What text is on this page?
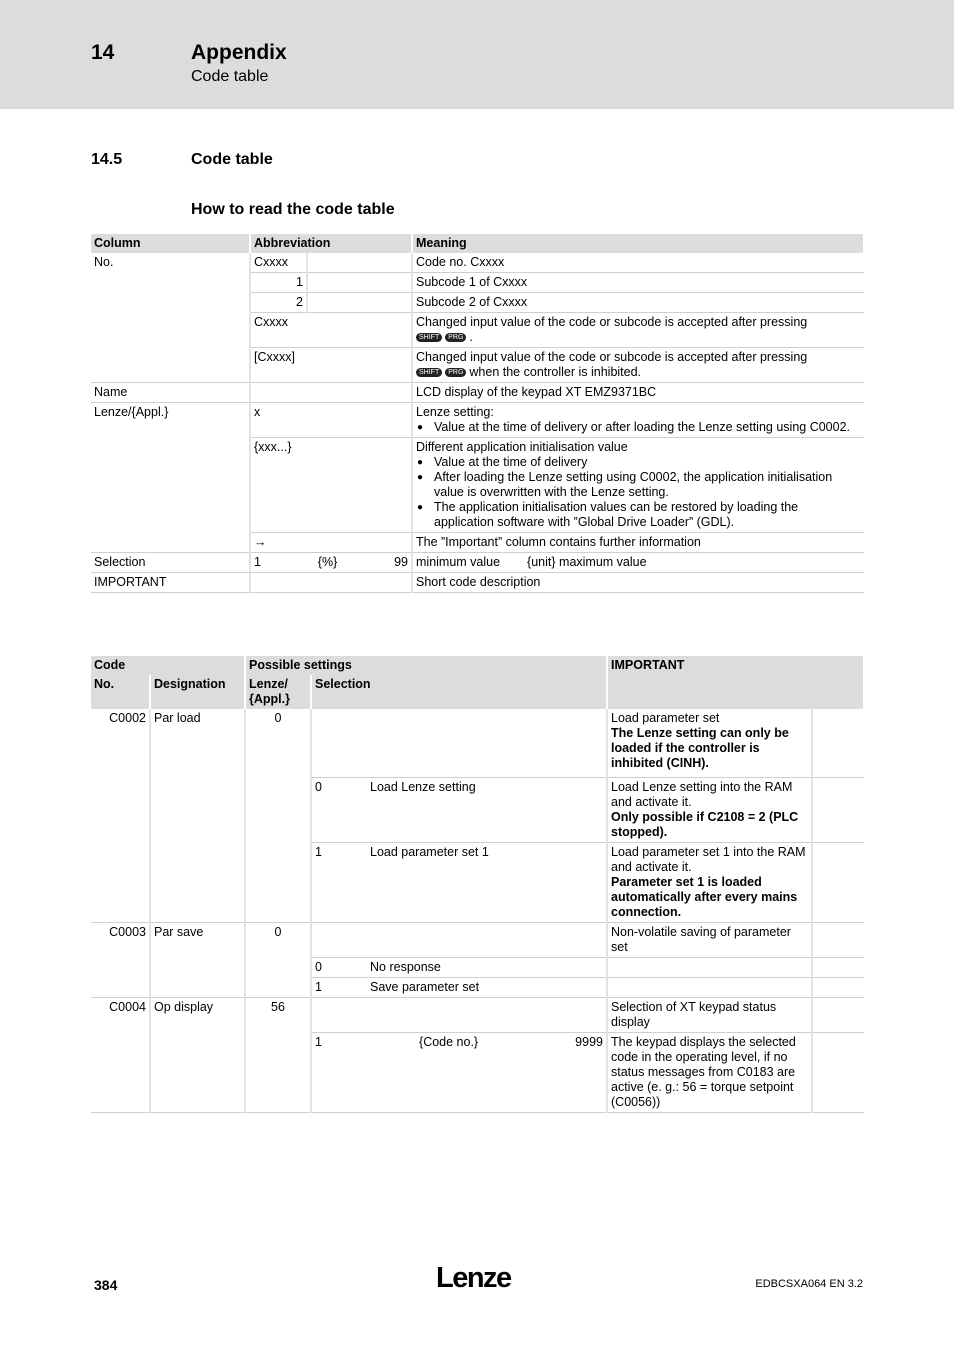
14	Appendix
Code table
14.5	Code table
How to read the code table
Column	Abbreviation		Meaning
No.	Cxxxx		Code no. Cxxxx
	1		Subcode 1 of Cxxxx
	2		Subcode 2 of Cxxxx
	Cxxxx		Changed input value of the code or subcode is accepted after pressing
SHIFT PRG .
	[Cxxxx]		Changed input value of the code or subcode is accepted after pressing
SHIFT PRG when the controller is inhibited.
Name			LCD display of the keypad XT EMZ9371BC
Lenze/{Appl.}	x		Lenze setting:
● Value at the time of delivery or after loading the Lenze setting using C0002.

	{xxx...}		Different application initialisation value
● Value at the time of delivery
● After loading the Lenze setting using C0002, the application initialisation value is overwritten with the Lenze setting.
● The application initialisation values can be restored by loading the application software with ”Global Drive Loader” (GDL).

	→		The ”Important” column contains further information
Selection	1 {%} 99		minimum value {unit} maximum value
IMPORTANT			Short code description
Code		Possible settings			IMPORTANT	
No.	Designation	Lenze/ {Appl.}	Selection			
C0002	Par load	0			Load parameter set
The Lenze setting can only be loaded if the controller is inhibited (CINH).	

			0	Load Lenze setting	Load Lenze setting into the RAM and activate it.
Only possible if C2108 = 2 (PLC stopped).	

			1	Load parameter set 1	Load parameter set 1 into the RAM and activate it.
Parameter set 1 is loaded automatically after every mains connection.	

C0003	Par save	0			Non-volatile saving of parameter set	
			0	No response		
			1	Save parameter set		
C0004	Op display	56			Selection of XT keypad status display	

			1 {Code no.} 9999		The keypad displays the selected code in the operating level, if no status messages from C0183 are active (e. g.: 56 = torque setpoint (C0056))	
384	Lenze	EDBCSXA064 EN 3.2
